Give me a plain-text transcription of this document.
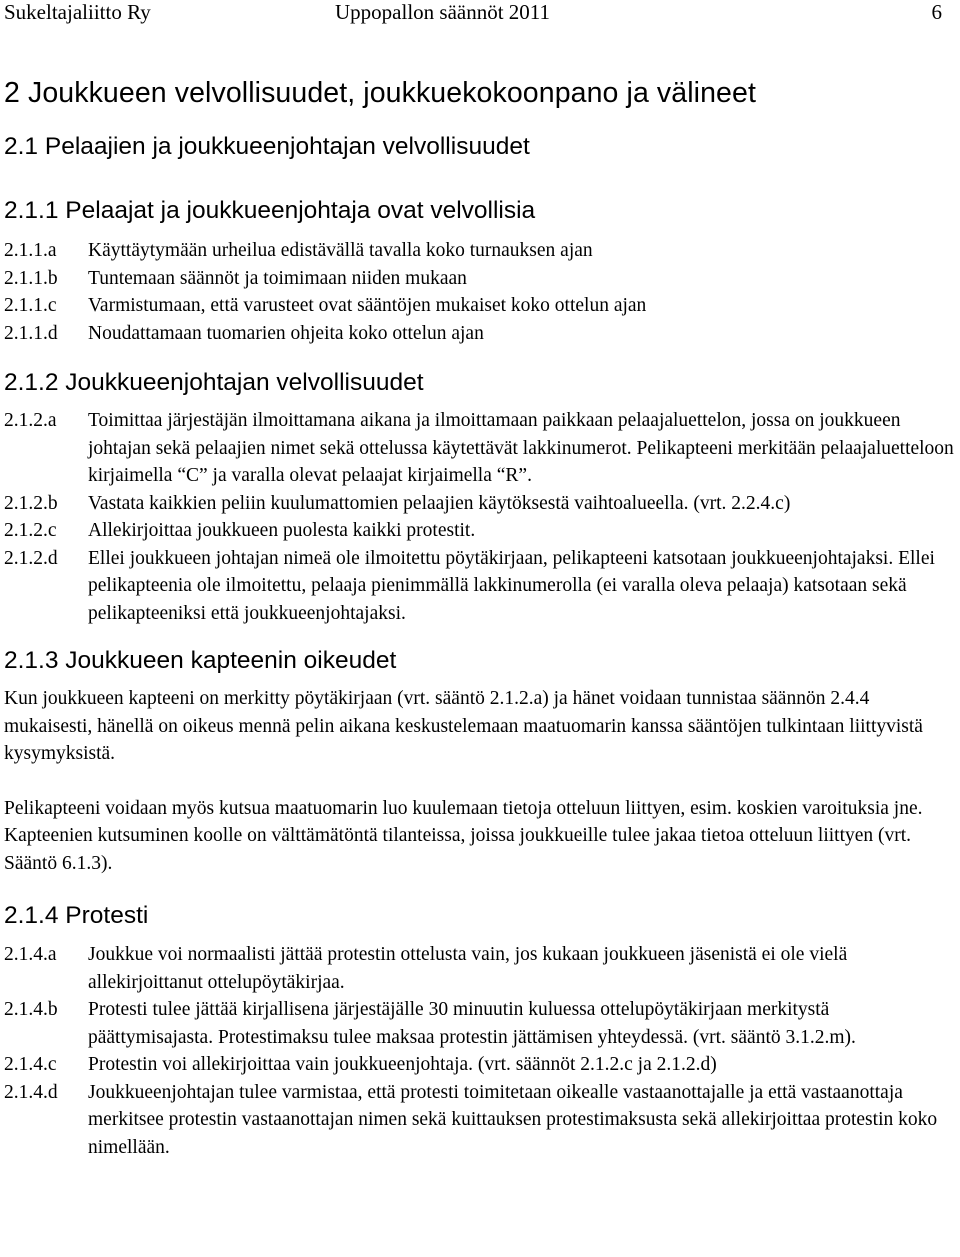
Sukeltajaliitto Ry	Uppopallon säännöt 2011	6
2 Joukkueen velvollisuudet, joukkuekokoonpano ja välineet
2.1 Pelaajien ja joukkueenjohtajan velvollisuudet
2.1.1 Pelaajat ja joukkueenjohtaja ovat velvollisia
2.1.1.a	Käyttäytymään urheilua edistävällä tavalla koko turnauksen ajan
2.1.1.b	Tuntemaan säännöt ja toimimaan niiden mukaan
2.1.1.c	Varmistumaan, että varusteet ovat sääntöjen mukaiset koko ottelun ajan
2.1.1.d	Noudattamaan tuomarien ohjeita koko ottelun ajan
2.1.2 Joukkueenjohtajan velvollisuudet
2.1.2.a	Toimittaa järjestäjän ilmoittamana aikana ja ilmoittamaan paikkaan pelaajaluettelon, jossa on joukkueen johtajan sekä pelaajien nimet sekä ottelussa käytettävät lakkinumerot. Pelikapteeni merkitään pelaajaluetteloon kirjaimella “C” ja varalla olevat pelaajat kirjaimella “R”.
2.1.2.b	Vastata kaikkien peliin kuulumattomien pelaajien käytöksestä vaihtoalueella. (vrt. 2.2.4.c)
2.1.2.c	Allekirjoittaa joukkueen puolesta kaikki protestit.
2.1.2.d	Ellei joukkueen johtajan nimeä ole ilmoitettu pöytäkirjaan, pelikapteeni katsotaan joukkueenjohtajaksi. Ellei pelikapteenia ole ilmoitettu, pelaaja pienimmällä lakkinumerolla (ei varalla oleva pelaaja) katsotaan sekä pelikapteeniksi että joukkueenjohtajaksi.
2.1.3 Joukkueen kapteenin oikeudet

Kun joukkueen kapteeni on merkitty pöytäkirjaan (vrt. sääntö 2.1.2.a) ja hänet voidaan tunnistaa säännön 2.4.4 mukaisesti, hänellä on oikeus mennä pelin aikana keskustelemaan maatuomarin kanssa sääntöjen tulkintaan liittyvistä kysymyksistä.

Pelikapteeni voidaan myös kutsua maatuomarin luo kuulemaan tietoja otteluun liittyen, esim. koskien varoituksia jne. Kapteenien kutsuminen koolle on välttämätöntä tilanteissa, joissa joukkueille tulee jakaa tietoa otteluun liittyen (vrt. Sääntö 6.1.3).

2.1.4 Protesti
2.1.4.a	Joukkue voi normaalisti jättää protestin ottelusta vain, jos kukaan joukkueen jäsenistä ei ole vielä allekirjoittanut ottelupöytäkirjaa.
2.1.4.b	Protesti tulee jättää kirjallisena järjestäjälle 30 minuutin kuluessa ottelupöytäkirjaan merkitystä päättymisajasta. Protestimaksu tulee maksaa protestin jättämisen yhteydessä. (vrt. sääntö 3.1.2.m).
2.1.4.c	Protestin voi allekirjoittaa vain joukkueenjohtaja. (vrt. säännöt 2.1.2.c ja 2.1.2.d)
2.1.4.d	Joukkueenjohtajan tulee varmistaa, että protesti toimitetaan oikealle vastaanottajalle ja että vastaanottaja merkitsee protestin vastaanottajan nimen sekä kuittauksen protestimaksusta sekä allekirjoittaa protestin koko nimellään.
